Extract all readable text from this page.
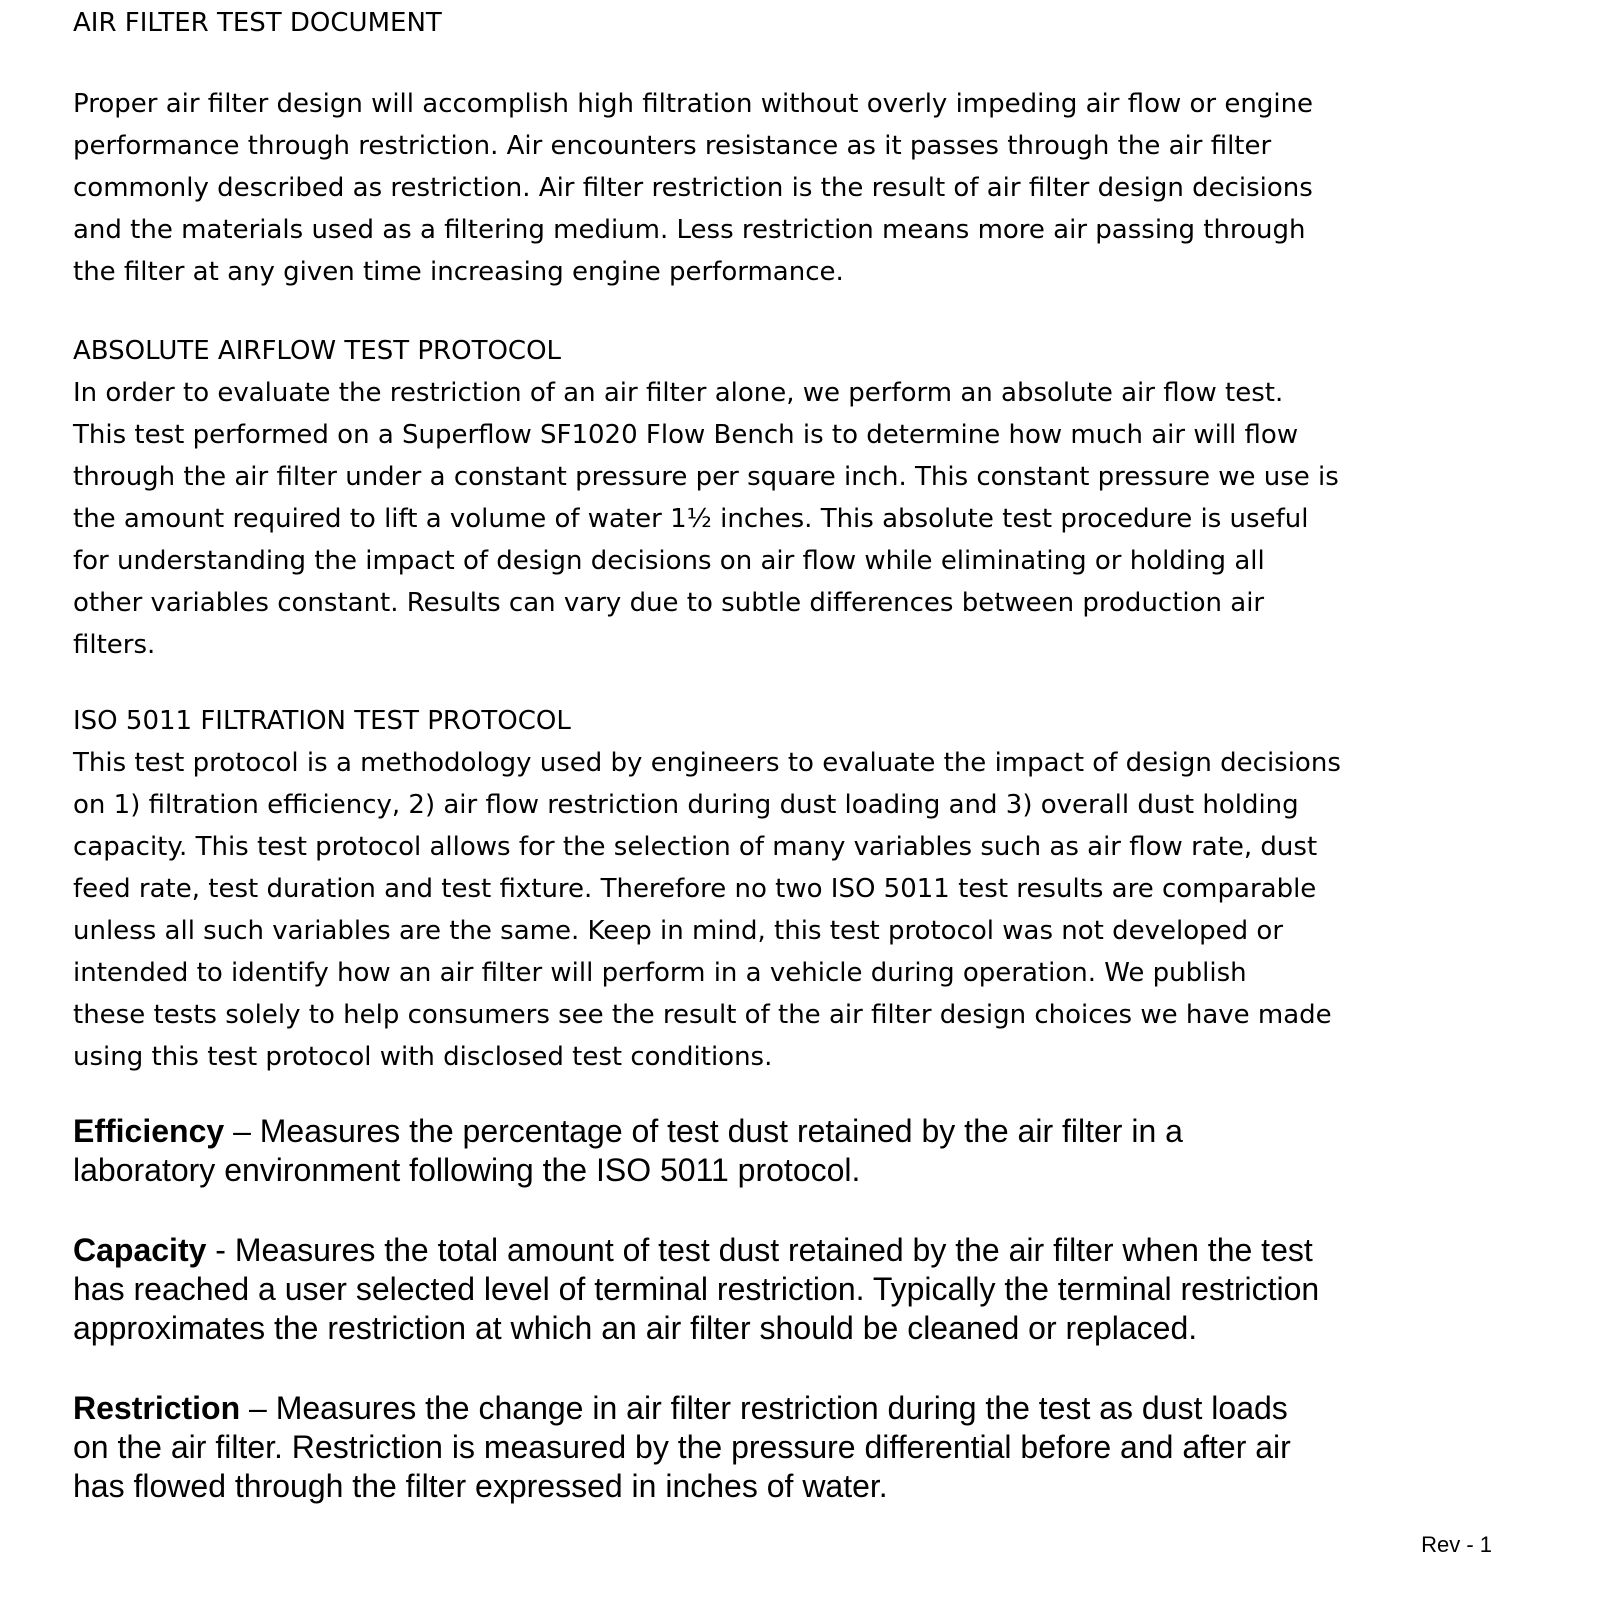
AIR FILTER TEST DOCUMENT

Proper air filter design will accomplish high filtration without overly impeding air flow or engine
performance through restriction. Air encounters resistance as it passes through the air filter
commonly described as restriction. Air filter restriction is the result of air filter design decisions
and the materials used as a filtering medium. Less restriction means more air passing through
the filter at any given time increasing engine performance.

ABSOLUTE AIRFLOW TEST PROTOCOL

In order to evaluate the restriction of an air filter alone, we perform an absolute air flow test.
This test performed on a Superflow SF1020 Flow Bench is to determine how much air will flow
through the air filter under a constant pressure per square inch. This constant pressure we use is
the amount required to lift a volume of water 1½ inches. This absolute test procedure is useful
for understanding the impact of design decisions on air flow while eliminating or holding all
other variables constant. Results can vary due to subtle differences between production air
filters.

ISO 5011 FILTRATION TEST PROTOCOL

This test protocol is a methodology used by engineers to evaluate the impact of design decisions
on 1) filtration efficiency, 2) air flow restriction during dust loading and 3) overall dust holding
capacity. This test protocol allows for the selection of many variables such as air flow rate, dust
feed rate, test duration and test fixture. Therefore no two ISO 5011 test results are comparable
unless all such variables are the same. Keep in mind, this test protocol was not developed or
intended to identify how an air filter will perform in a vehicle during operation. We publish
these tests solely to help consumers see the result of the air filter design choices we have made
using this test protocol with disclosed test conditions.

Efficiency – Measures the percentage of test dust retained by the air filter in a
laboratory environment following the ISO 5011 protocol.

Capacity - Measures the total amount of test dust retained by the air filter when the test
has reached a user selected level of terminal restriction. Typically the terminal restriction
approximates the restriction at which an air filter should be cleaned or replaced.

Restriction – Measures the change in air filter restriction during the test as dust loads
on the air filter. Restriction is measured by the pressure differential before and after air
has flowed through the filter expressed in inches of water.

Rev - 1
